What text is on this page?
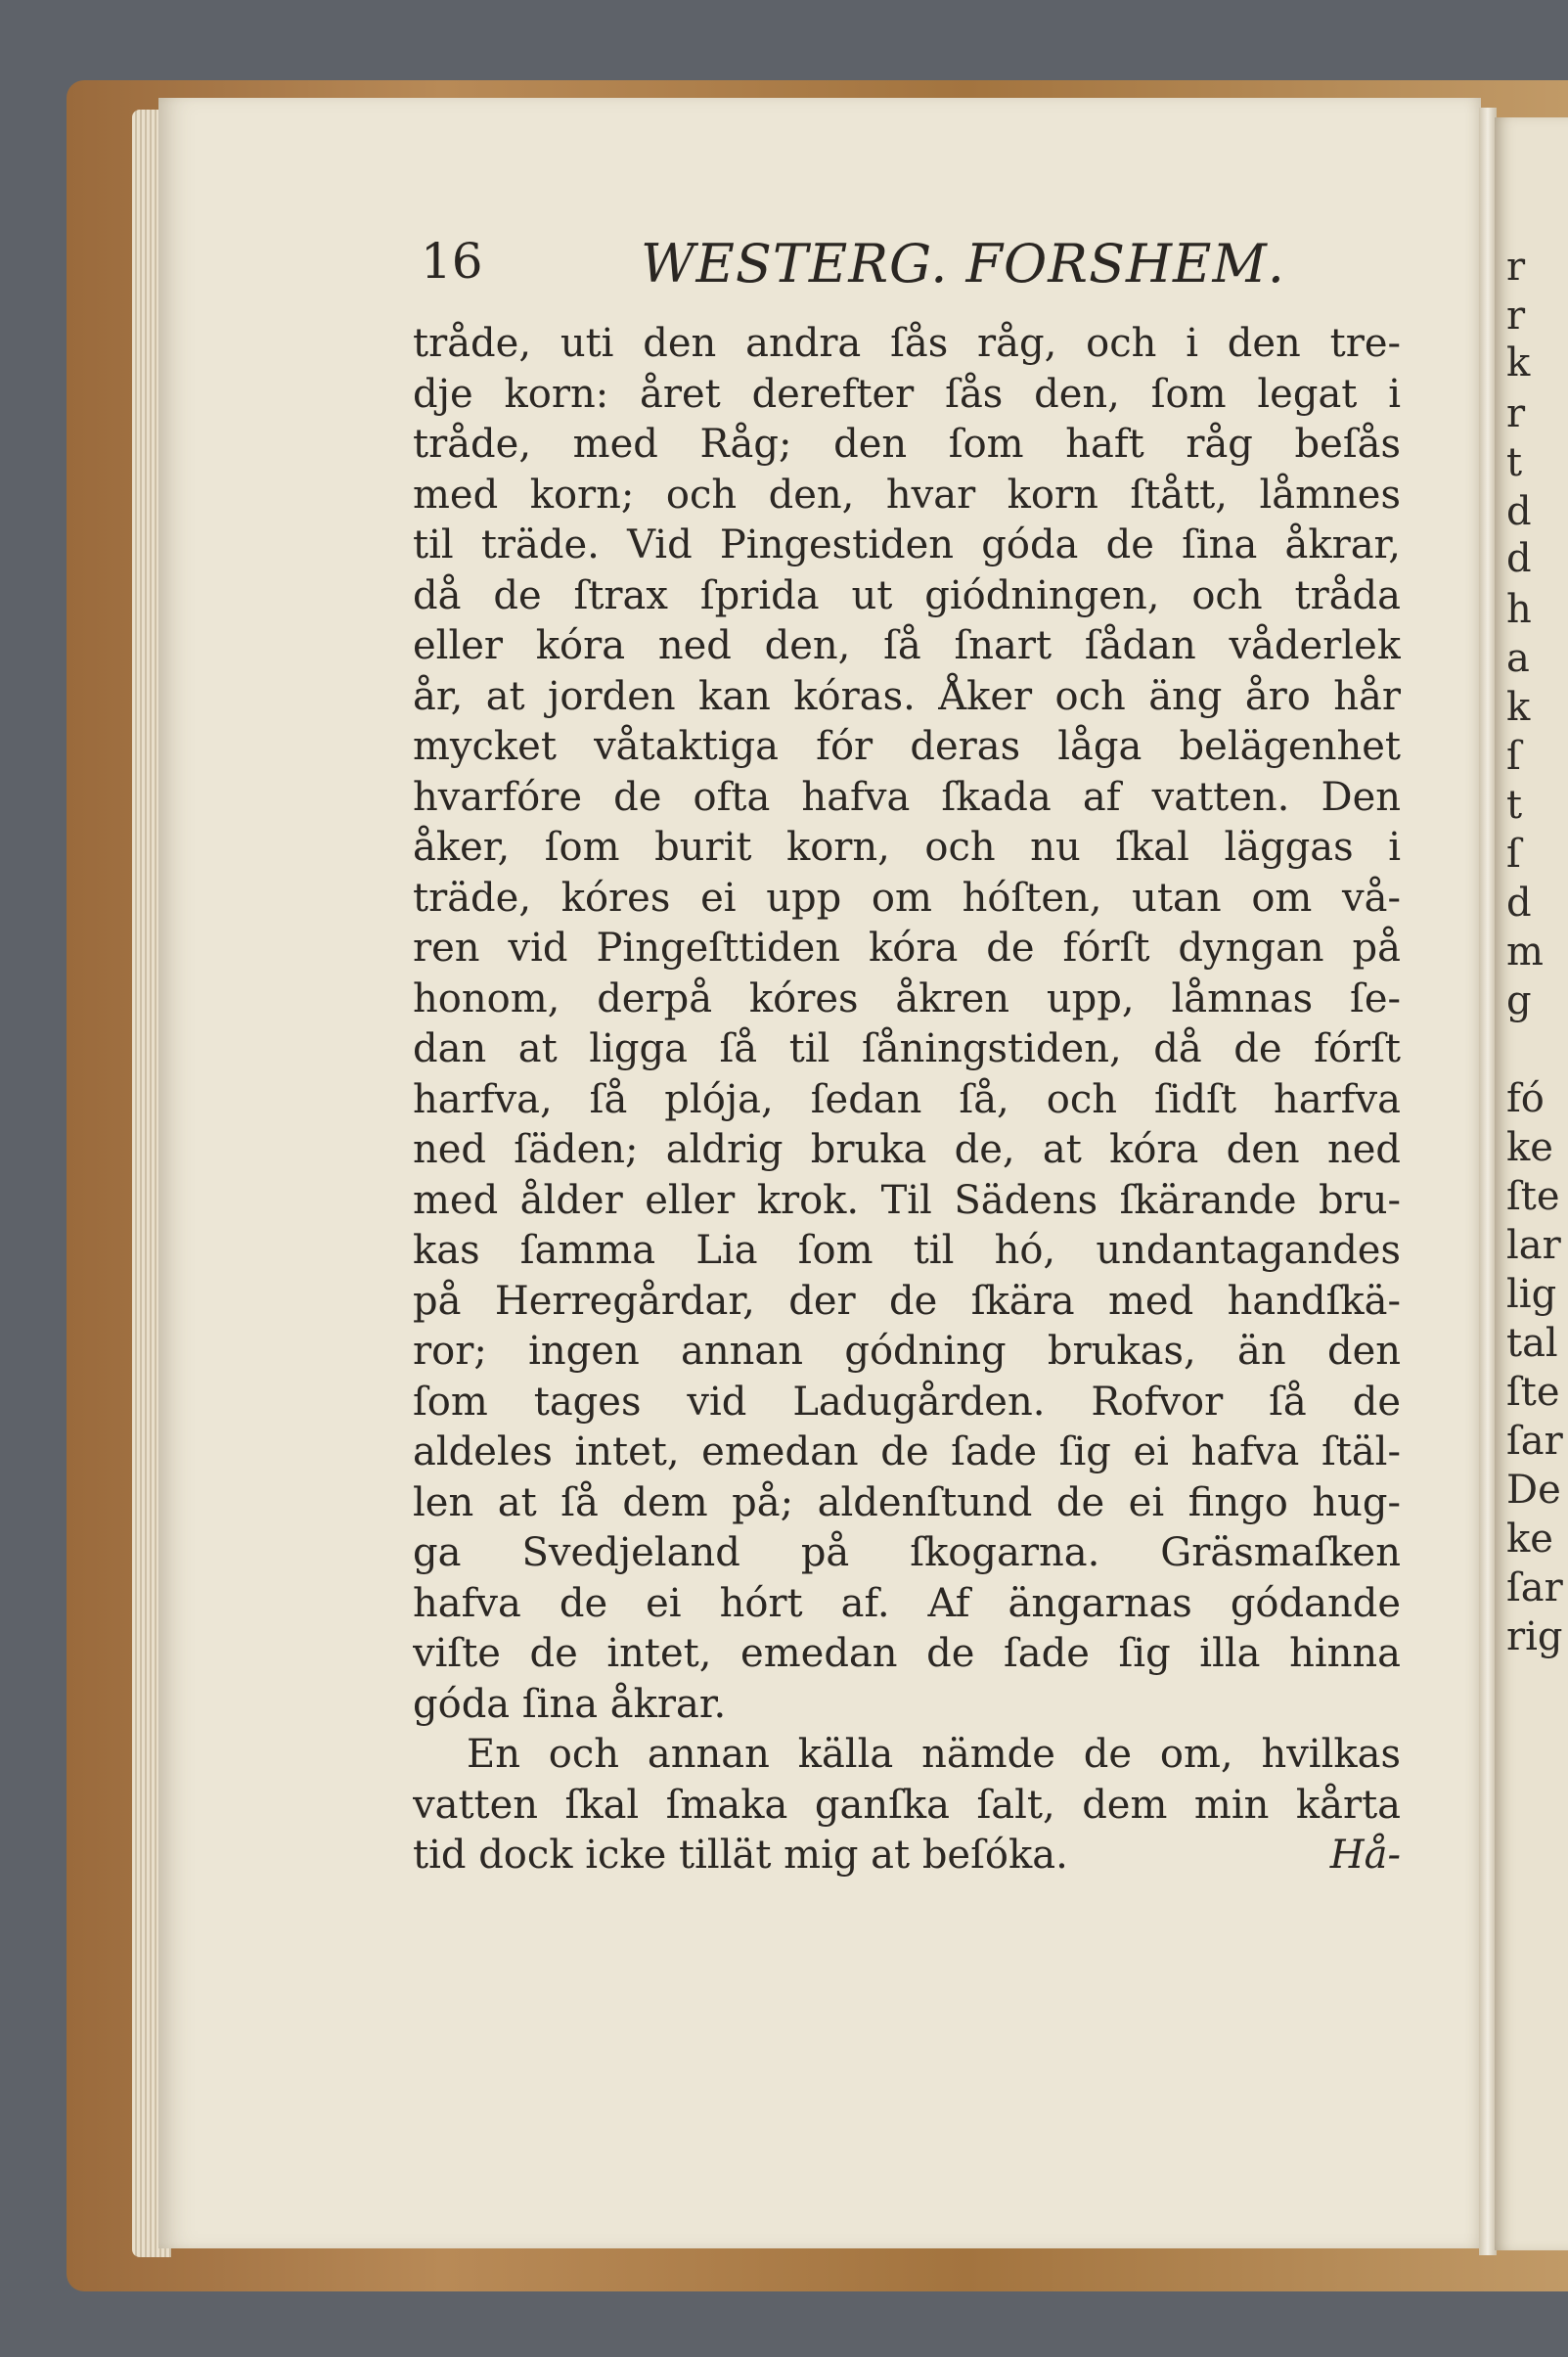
r
r
k
r
t
d
d
h
a
k
ſ
t
ſ
d
m
g
fó
ke
ſte
lar
lig
tal
ſte
ſar
De
ke
ſar
rig
16	WESTERG. FORSHEM.
tråde, uti den andra ſås råg, och i den tre-
dje korn: året derefter ſås den, ſom legat i
tråde, med Råg; den ſom haft råg beſås
med korn; och den, hvar korn ſtått, låmnes
til träde. Vid Pingestiden góda de ſina åkrar,
då de ſtrax ſprida ut giódningen, och tråda
eller kóra ned den, ſå ſnart ſådan våderlek
år, at jorden kan kóras. Åker och äng åro hår
mycket våtaktiga fór deras låga belägenhet
hvarfóre de ofta hafva ſkada af vatten. Den
åker, ſom burit korn, och nu ſkal läggas i
träde, kóres ei upp om hóſten, utan om vå-
ren vid Pingeſttiden kóra de fórſt dyngan på
honom, derpå kóres åkren upp, låmnas ſe-
dan at ligga ſå til ſåningstiden, då de fórſt
harfva, ſå plója, ſedan ſå, och ſidſt harfva
ned ſäden; aldrig bruka de, at kóra den ned
med ålder eller krok. Til Sädens ſkärande bru-
kas ſamma Lia ſom til hó, undantagandes
på Herregårdar, der de ſkära med handſkä-
ror; ingen annan gódning brukas, än den
ſom tages vid Ladugården. Rofvor ſå de
aldeles intet, emedan de ſade ſig ei hafva ſtäl-
len at ſå dem på; aldenſtund de ei fingo hug-
ga Svedjeland på ſkogarna. Gräsmaſken
hafva de ei hórt af. Af ängarnas gódande
viſte de intet, emedan de ſade ſig illa hinna
góda ſina åkrar.
En och annan källa nämde de om, hvilkas
vatten ſkal ſmaka ganſka ſalt, dem min kårta
tid dock icke tillät mig at beſóka.	Hå-
